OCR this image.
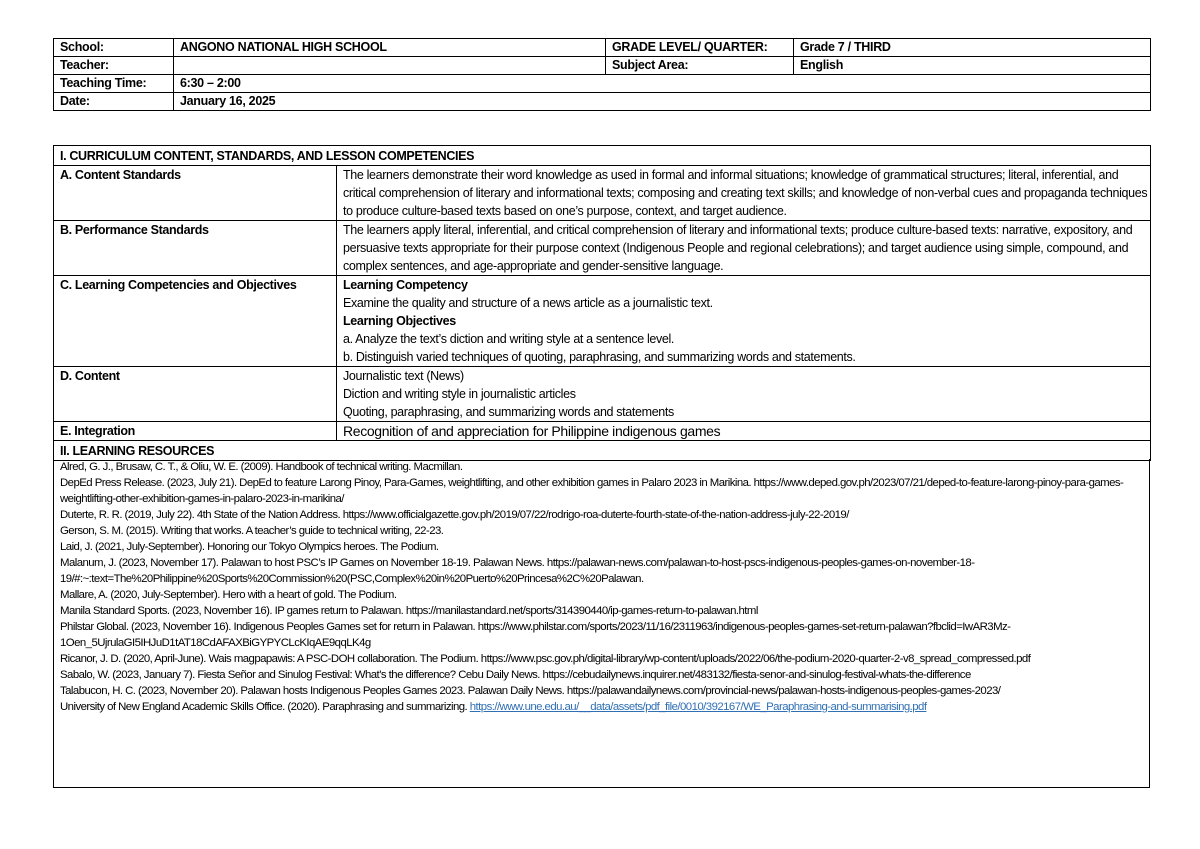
School:	ANGONO NATIONAL HIGH SCHOOL	GRADE LEVEL/ QUARTER:	Grade 7 / THIRD
Teacher:		Subject Area:	English
Teaching Time:	6:30 – 2:00		
Date:	January 16, 2025		
I. CURRICULUM CONTENT, STANDARDS, AND LESSON COMPETENCIES	
A. Content Standards	The learners demonstrate their word knowledge as used in formal and informal situations; knowledge of grammatical structures; literal, inferential, and critical comprehension of literary and informational texts; composing and creating text skills; and knowledge of non-verbal cues and propaganda techniques to produce culture-based texts based on one’s purpose, context, and target audience.
B. Performance Standards	The learners apply literal, inferential, and critical comprehension of literary and informational texts; produce culture-based texts: narrative, expository, and persuasive texts appropriate for their purpose context (Indigenous People and regional celebrations); and target audience using simple, compound, and complex sentences, and age-appropriate and gender-sensitive language.
C. Learning Competencies and Objectives	Learning Competency
Examine the quality and structure of a news article as a journalistic text.
Learning Objectives
a. Analyze the text’s diction and writing style at a sentence level.
b. Distinguish varied techniques of quoting, paraphrasing, and summarizing words and statements.

D. Content	Journalistic text (News)
Diction and writing style in journalistic articles
Quoting, paraphrasing, and summarizing words and statements

E. Integration	Recognition of and appreciation for Philippine indigenous games
II. LEARNING RESOURCES	
Alred, G. J., Brusaw, C. T., & Oliu, W. E. (2009). Handbook of technical writing. Macmillan.
DepEd Press Release. (2023, July 21). DepEd to feature Larong Pinoy, Para-Games, weightlifting, and other exhibition games in Palaro 2023 in Marikina. https://www.deped.gov.ph/2023/07/21/deped-to-feature-larong-pinoy-para-games-weightlifting-other-exhibition-games-in-palaro-2023-in-marikina/
Duterte, R. R. (2019, July 22). 4th State of the Nation Address. https://www.officialgazette.gov.ph/2019/07/22/rodrigo-roa-duterte-fourth-state-of-the-nation-address-july-22-2019/
Gerson, S. M. (2015). Writing that works. A teacher’s guide to technical writing, 22-23.
Laid, J. (2021, July-September). Honoring our Tokyo Olympics heroes. The Podium.
Malanum, J. (2023, November 17). Palawan to host PSC’s IP Games on November 18-19. Palawan News. https://palawan-news.com/palawan-to-host-pscs-indigenous-peoples-games-on-november-18-19/#:~:text=The%20Philippine%20Sports%20Commission%20(PSC,Complex%20in%20Puerto%20Princesa%2C%20Palawan.
Mallare, A. (2020, July-September). Hero with a heart of gold. The Podium.
Manila Standard Sports. (2023, November 16). IP games return to Palawan. https://manilastandard.net/sports/314390440/ip-games-return-to-palawan.html
Philstar Global. (2023, November 16). Indigenous Peoples Games set for return in Palawan. https://www.philstar.com/sports/2023/11/16/2311963/indigenous-peoples-games-set-return-palawan?fbclid=IwAR3Mz-1Oen_5UjrulaGI5IHJuD1tAT18CdAFAXBiGYPYCLcKIqAE9qqLK4g
Ricanor, J. D. (2020, April-June). Wais magpapawis: A PSC-DOH collaboration. The Podium. https://www.psc.gov.ph/digital-library/wp-content/uploads/2022/06/the-podium-2020-quarter-2-v8_spread_compressed.pdf
Sabalo, W. (2023, January 7). Fiesta Señor and Sinulog Festival: What’s the difference? Cebu Daily News. https://cebudailynews.inquirer.net/483132/fiesta-senor-and-sinulog-festival-whats-the-difference
Talabucon, H. C. (2023, November 20). Palawan hosts Indigenous Peoples Games 2023. Palawan Daily News. https://palawandailynews.com/provincial-news/palawan-hosts-indigenous-peoples-games-2023/
University of New England Academic Skills Office. (2020). Paraphrasing and summarizing. https://www.une.edu.au/__data/assets/pdf_file/0010/392167/WE_Paraphrasing-and-summarising.pdf
